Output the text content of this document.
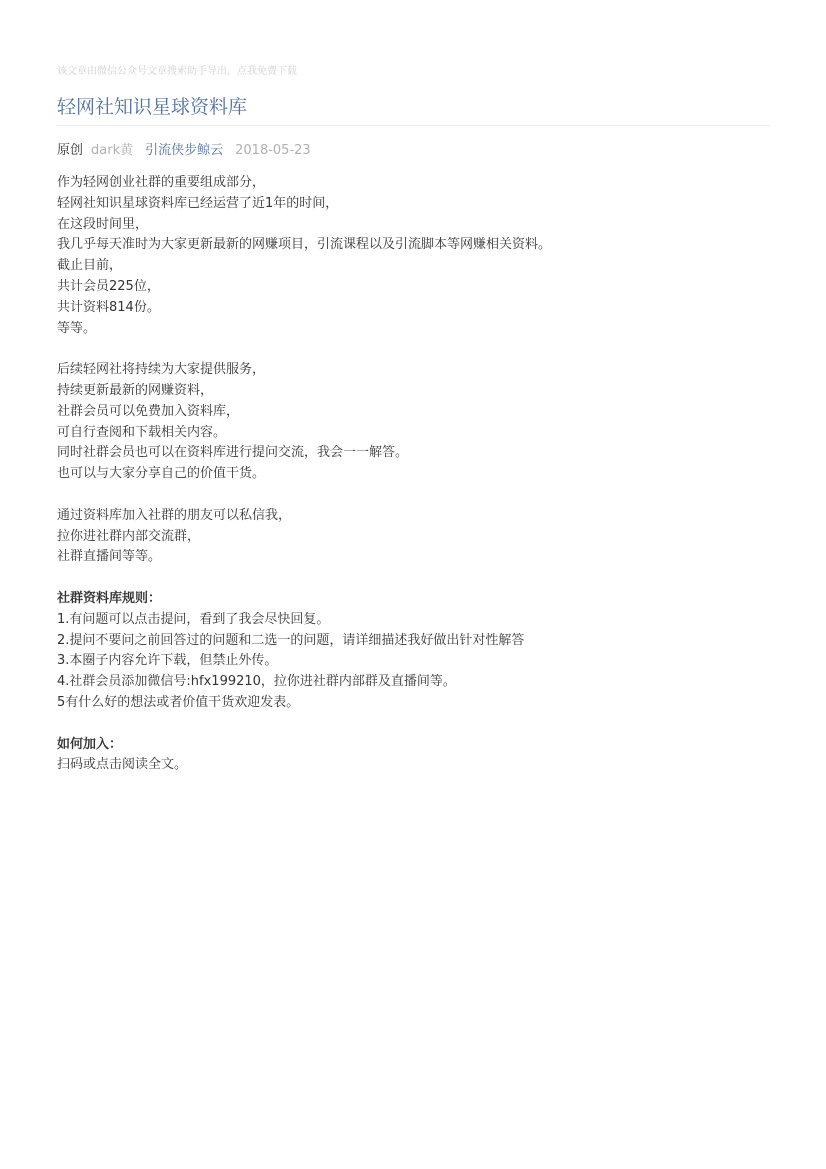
该文章由微信公众号文章搜索助手导出，点我免费下载
轻网社知识星球资料库
原创 dark黄 引流侠步鲸云 2018-05-23
作为轻网创业社群的重要组成部分，
轻网社知识星球资料库已经运营了近1年的时间，
在这段时间里，
我几乎每天准时为大家更新最新的网赚项目，引流课程以及引流脚本等网赚相关资料。
截止目前，
共计会员225位，
共计资料814份。
等等。
后续轻网社将持续为大家提供服务，
持续更新最新的网赚资料，
社群会员可以免费加入资料库，
可自行查阅和下载相关内容。
同时社群会员也可以在资料库进行提问交流，我会一一解答。
也可以与大家分享自己的价值干货。
通过资料库加入社群的朋友可以私信我，
拉你进社群内部交流群，
社群直播间等等。
社群资料库规则：
1.有问题可以点击提问，看到了我会尽快回复。
2.提问不要问之前回答过的问题和二选一的问题，请详细描述我好做出针对性解答
3.本圈子内容允许下载，但禁止外传。
4.社群会员添加微信号:hfx199210，拉你进社群内部群及直播间等。
5有什么好的想法或者价值干货欢迎发表。
如何加入：
扫码或点击阅读全文。
